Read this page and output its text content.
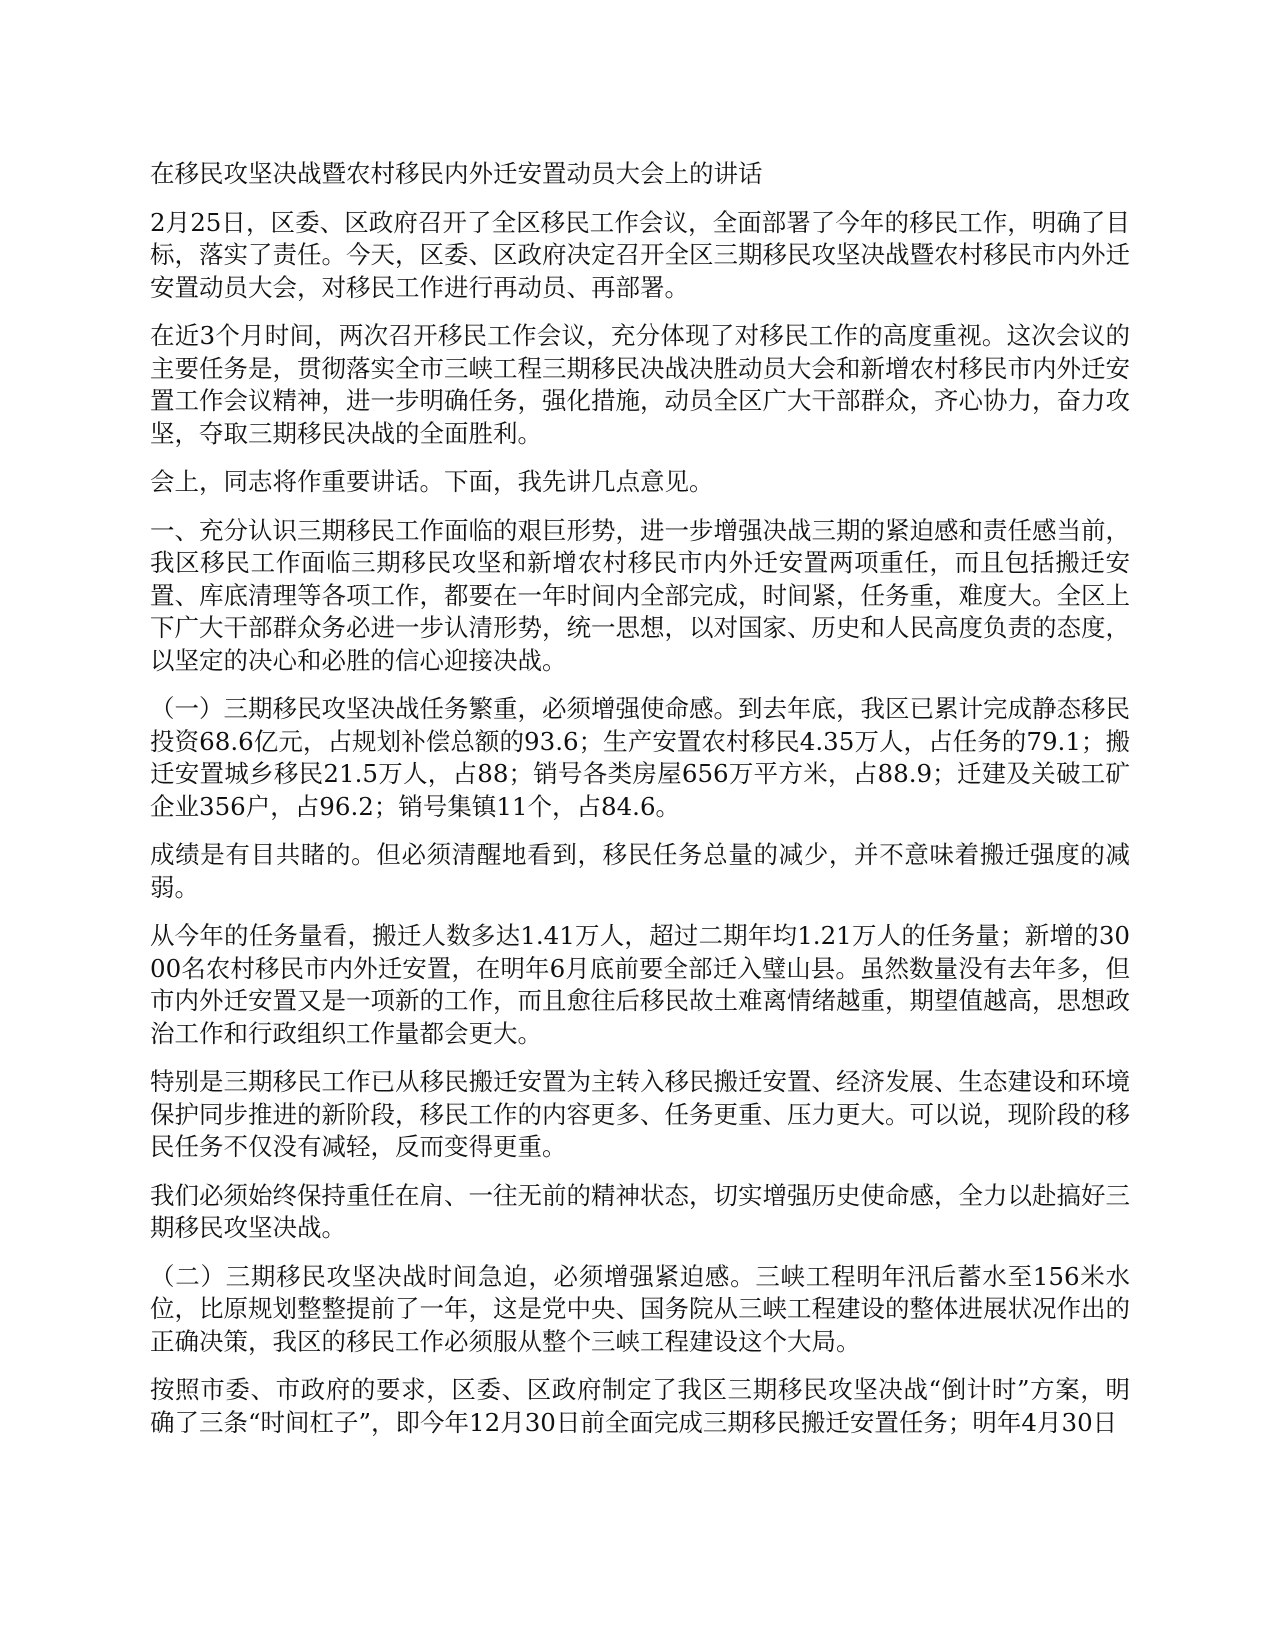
在移民攻坚决战暨农村移民内外迁安置动员大会上的讲话

2月25日，区委、区政府召开了全区移民工作会议，全面部署了今年的移民工作，明确了目标，落实了责任。今天，区委、区政府决定召开全区三期移民攻坚决战暨农村移民市内外迁安置动员大会，对移民工作进行再动员、再部署。

在近3个月时间，两次召开移民工作会议，充分体现了对移民工作的高度重视。这次会议的主要任务是，贯彻落实全市三峡工程三期移民决战决胜动员大会和新增农村移民市内外迁安置工作会议精神，进一步明确任务，强化措施，动员全区广大干部群众，齐心协力，奋力攻坚，夺取三期移民决战的全面胜利。

会上，同志将作重要讲话。下面，我先讲几点意见。

一、充分认识三期移民工作面临的艰巨形势，进一步增强决战三期的紧迫感和责任感当前，我区移民工作面临三期移民攻坚和新增农村移民市内外迁安置两项重任，而且包括搬迁安置、库底清理等各项工作，都要在一年时间内全部完成，时间紧，任务重，难度大。全区上下广大干部群众务必进一步认清形势，统一思想，以对国家、历史和人民高度负责的态度，以坚定的决心和必胜的信心迎接决战。

（一）三期移民攻坚决战任务繁重，必须增强使命感。到去年底，我区已累计完成静态移民投资68.6亿元，占规划补偿总额的93.6；生产安置农村移民4.35万人，占任务的79.1；搬迁安置城乡移民21.5万人，占88；销号各类房屋656万平方米，占88.9；迁建及关破工矿企业356户，占96.2；销号集镇11个，占84.6。

成绩是有目共睹的。但必须清醒地看到，移民任务总量的减少，并不意味着搬迁强度的减弱。

从今年的任务量看，搬迁人数多达1.41万人，超过二期年均1.21万人的任务量；新增的3000名农村移民市内外迁安置，在明年6月底前要全部迁入璧山县。虽然数量没有去年多，但市内外迁安置又是一项新的工作，而且愈往后移民故土难离情绪越重，期望值越高，思想政治工作和行政组织工作量都会更大。

特别是三期移民工作已从移民搬迁安置为主转入移民搬迁安置、经济发展、生态建设和环境保护同步推进的新阶段，移民工作的内容更多、任务更重、压力更大。可以说，现阶段的移民任务不仅没有减轻，反而变得更重。

我们必须始终保持重任在肩、一往无前的精神状态，切实增强历史使命感，全力以赴搞好三期移民攻坚决战。

（二）三期移民攻坚决战时间急迫，必须增强紧迫感。三峡工程明年汛后蓄水至156米水位，比原规划整整提前了一年，这是党中央、国务院从三峡工程建设的整体进展状况作出的正确决策，我区的移民工作必须服从整个三峡工程建设这个大局。

按照市委、市政府的要求，区委、区政府制定了我区三期移民攻坚决战“倒计时”方案，明确了三条“时间杠子”，即今年12月30日前全面完成三期移民搬迁安置任务；明年4月30日
